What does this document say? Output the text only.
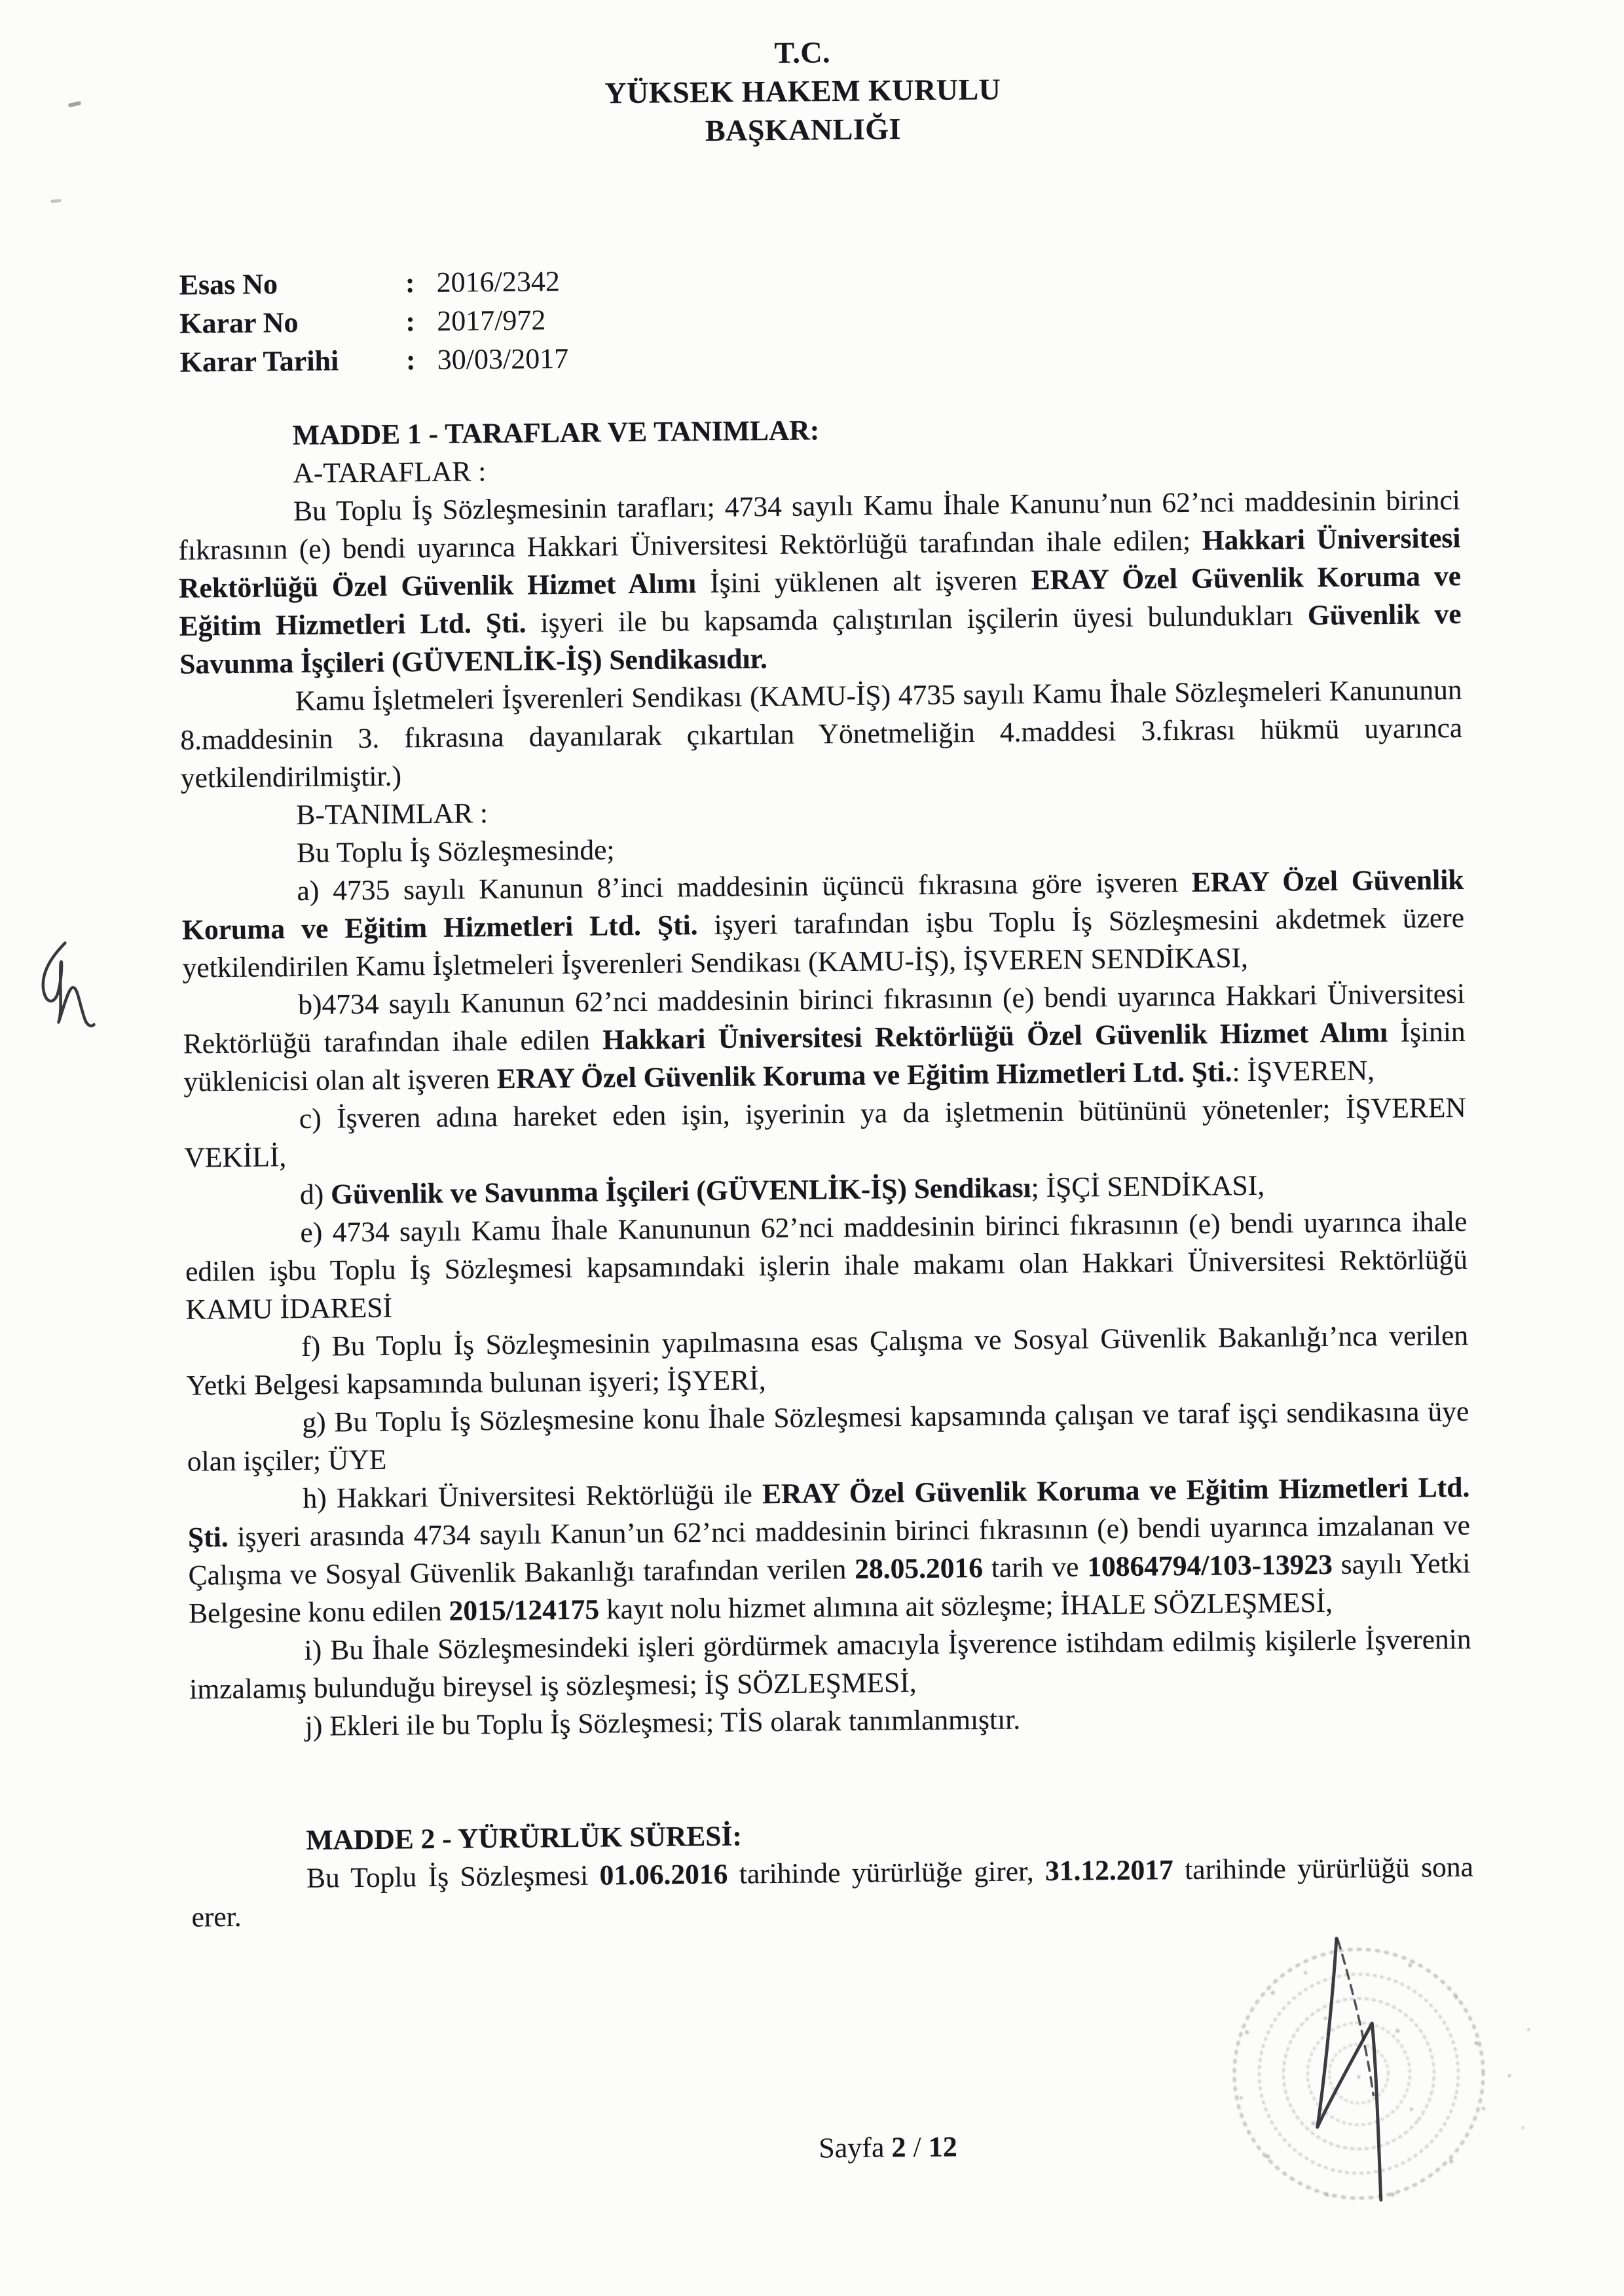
T.C.
YÜKSEK HAKEM KURULU
BAŞKANLIĞI
Esas No	: 2016/2342
Karar No	: 2017/972
Karar Tarihi	: 30/03/2017

MADDE 1 - TARAFLAR VE TANIMLAR:

A-TARAFLAR :

Bu Toplu İş Sözleşmesinin tarafları; 4734 sayılı Kamu İhale Kanunu’nun 62’nci maddesinin birinci fıkrasının (e) bendi uyarınca Hakkari Üniversitesi Rektörlüğü tarafından ihale edilen; Hakkari Üniversitesi Rektörlüğü Özel Güvenlik Hizmet Alımı İşini yüklenen alt işveren ERAY Özel Güvenlik Koruma ve Eğitim Hizmetleri Ltd. Şti. işyeri ile bu kapsamda çalıştırılan işçilerin üyesi bulundukları Güvenlik ve Savunma İşçileri (GÜVENLİK-İŞ) Sendikasıdır.

Kamu İşletmeleri İşverenleri Sendikası (KAMU-İŞ) 4735 sayılı Kamu İhale Sözleşmeleri Kanununun 8.maddesinin 3. fıkrasına dayanılarak çıkartılan Yönetmeliğin 4.maddesi 3.fıkrası hükmü uyarınca yetkilendirilmiştir.)

B-TANIMLAR :

Bu Toplu İş Sözleşmesinde;

a) 4735 sayılı Kanunun 8’inci maddesinin üçüncü fıkrasına göre işveren ERAY Özel Güvenlik Koruma ve Eğitim Hizmetleri Ltd. Şti. işyeri tarafından işbu Toplu İş Sözleşmesini akdetmek üzere yetkilendirilen Kamu İşletmeleri İşverenleri Sendikası (KAMU-İŞ), İŞVEREN SENDİKASI,

b)4734 sayılı Kanunun 62’nci maddesinin birinci fıkrasının (e) bendi uyarınca Hakkari Üniversitesi Rektörlüğü tarafından ihale edilen Hakkari Üniversitesi Rektörlüğü Özel Güvenlik Hizmet Alımı İşinin yüklenicisi olan alt işveren ERAY Özel Güvenlik Koruma ve Eğitim Hizmetleri Ltd. Şti.: İŞVEREN,

c) İşveren adına hareket eden işin, işyerinin ya da işletmenin bütününü yönetenler; İŞVEREN VEKİLİ,

d) Güvenlik ve Savunma İşçileri (GÜVENLİK-İŞ) Sendikası; İŞÇİ SENDİKASI,

e) 4734 sayılı Kamu İhale Kanununun 62’nci maddesinin birinci fıkrasının (e) bendi uyarınca ihale edilen işbu Toplu İş Sözleşmesi kapsamındaki işlerin ihale makamı olan Hakkari Üniversitesi Rektörlüğü KAMU İDARESİ

f) Bu Toplu İş Sözleşmesinin yapılmasına esas Çalışma ve Sosyal Güvenlik Bakanlığı’nca verilen Yetki Belgesi kapsamında bulunan işyeri; İŞYERİ,

g) Bu Toplu İş Sözleşmesine konu İhale Sözleşmesi kapsamında çalışan ve taraf işçi sendikasına üye olan işçiler; ÜYE

h) Hakkari Üniversitesi Rektörlüğü ile ERAY Özel Güvenlik Koruma ve Eğitim Hizmetleri Ltd. Şti. işyeri arasında 4734 sayılı Kanun’un 62’nci maddesinin birinci fıkrasının (e) bendi uyarınca imzalanan ve Çalışma ve Sosyal Güvenlik Bakanlığı tarafından verilen 28.05.2016 tarih ve 10864794/103-13923 sayılı Yetki Belgesine konu edilen 2015/124175 kayıt nolu hizmet alımına ait sözleşme; İHALE SÖZLEŞMESİ,

i) Bu İhale Sözleşmesindeki işleri gördürmek amacıyla İşverence istihdam edilmiş kişilerle İşverenin imzalamış bulunduğu bireysel iş sözleşmesi; İŞ SÖZLEŞMESİ,

j) Ekleri ile bu Toplu İş Sözleşmesi; TİS olarak tanımlanmıştır.

MADDE 2 - YÜRÜRLÜK SÜRESİ:

Bu Toplu İş Sözleşmesi 01.06.2016 tarihinde yürürlüğe girer, 31.12.2017 tarihinde yürürlüğü sona erer.

Sayfa 2 / 12
